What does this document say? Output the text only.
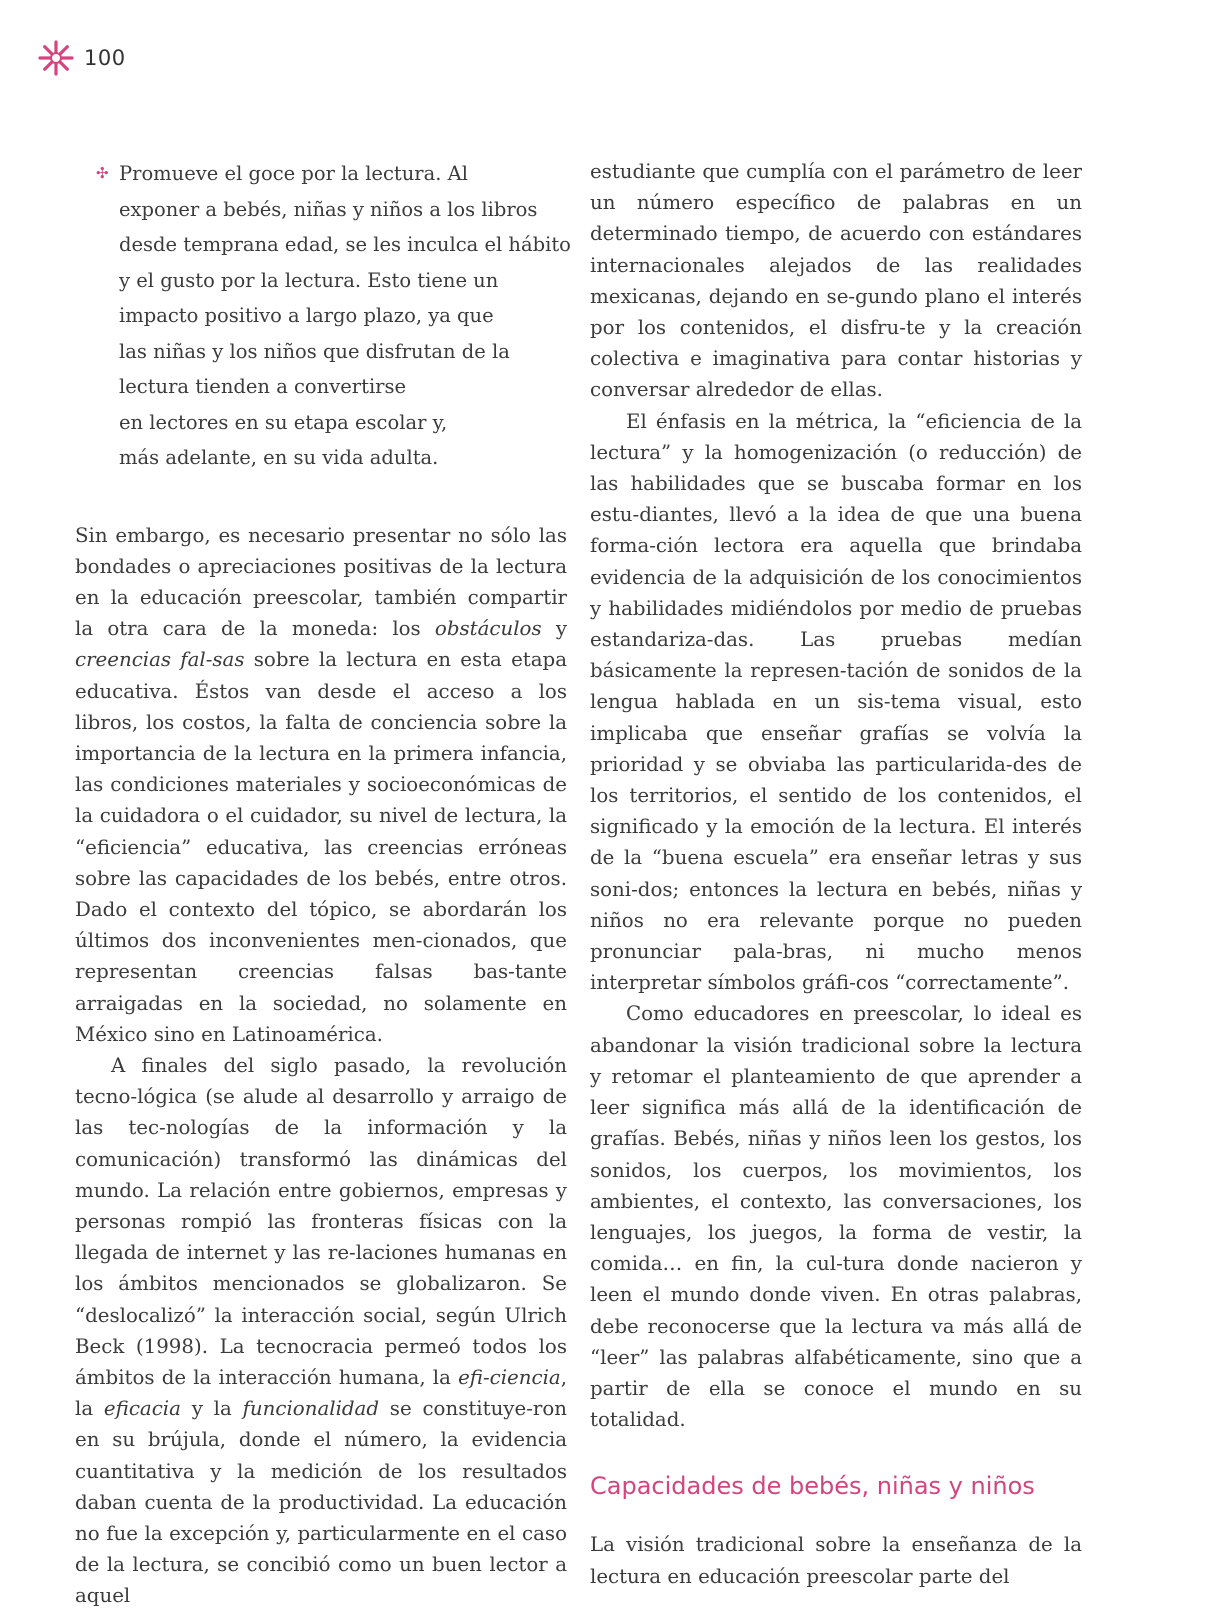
100
✣ Promueve el goce por la lectura. Al
exponer a bebés, niñas y niños a los libros
desde temprana edad, se les inculca el hábito
y el gusto por la lectura. Esto tiene un
impacto positivo a largo plazo, ya que
las niñas y los niños que disfrutan de la
lectura tienden a convertirse
en lectores en su etapa escolar y,
más adelante, en su vida adulta.

Sin embargo, es necesario presentar no sólo las bondades o apreciaciones positivas de la lectura en la educación preescolar, también compartir la otra cara de la moneda: los obstáculos y creencias fal-sas sobre la lectura en esta etapa educativa. Éstos van desde el acceso a los libros, los costos, la falta de conciencia sobre la importancia de la lectura en la primera infancia, las condiciones materiales y socioeconómicas de la cuidadora o el cuidador, su nivel de lectura, la “eficiencia” educativa, las creencias erróneas sobre las capacidades de los bebés, entre otros. Dado el contexto del tópico, se abordarán los últimos dos inconvenientes men-cionados, que representan creencias falsas bas-tante arraigadas en la sociedad, no solamente en México sino en Latinoamérica.

A finales del siglo pasado, la revolución tecno-lógica (se alude al desarrollo y arraigo de las tec-nologías de la información y la comunicación) transformó las dinámicas del mundo. La relación entre gobiernos, empresas y personas rompió las fronteras físicas con la llegada de internet y las re-laciones humanas en los ámbitos mencionados se globalizaron. Se “deslocalizó” la interacción social, según Ulrich Beck (1998). La tecnocracia permeó todos los ámbitos de la interacción humana, la efi-ciencia, la eficacia y la funcionalidad se constituye-ron en su brújula, donde el número, la evidencia cuantitativa y la medición de los resultados daban cuenta de la productividad. La educación no fue la excepción y, particularmente en el caso de la lectura, se concibió como un buen lector a aquel

estudiante que cumplía con el parámetro de leer un número específico de palabras en un determinado tiempo, de acuerdo con estándares internacionales alejados de las realidades mexicanas, dejando en se-gundo plano el interés por los contenidos, el disfru-te y la creación colectiva e imaginativa para contar historias y conversar alrededor de ellas.

El énfasis en la métrica, la “eficiencia de la lectura” y la homogenización (o reducción) de las habilidades que se buscaba formar en los estu-diantes, llevó a la idea de que una buena forma-ción lectora era aquella que brindaba evidencia de la adquisición de los conocimientos y habilidades midiéndolos por medio de pruebas estandariza-das. Las pruebas medían básicamente la represen-tación de sonidos de la lengua hablada en un sis-tema visual, esto implicaba que enseñar grafías se volvía la prioridad y se obviaba las particularida-des de los territorios, el sentido de los contenidos, el significado y la emoción de la lectura. El interés de la “buena escuela” era enseñar letras y sus soni-dos; entonces la lectura en bebés, niñas y niños no era relevante porque no pueden pronunciar pala-bras, ni mucho menos interpretar símbolos gráfi-cos “correctamente”.

Como educadores en preescolar, lo ideal es abandonar la visión tradicional sobre la lectura y retomar el planteamiento de que aprender a leer significa más allá de la identificación de grafías. Bebés, niñas y niños leen los gestos, los sonidos, los cuerpos, los movimientos, los ambientes, el contexto, las conversaciones, los lenguajes, los juegos, la forma de vestir, la comida… en fin, la cul-tura donde nacieron y leen el mundo donde viven. En otras palabras, debe reconocerse que la lectura va más allá de “leer” las palabras alfabéticamente, sino que a partir de ella se conoce el mundo en su totalidad.

Capacidades de bebés, niñas y niños

La visión tradicional sobre la enseñanza de la lectura en educación preescolar parte del
